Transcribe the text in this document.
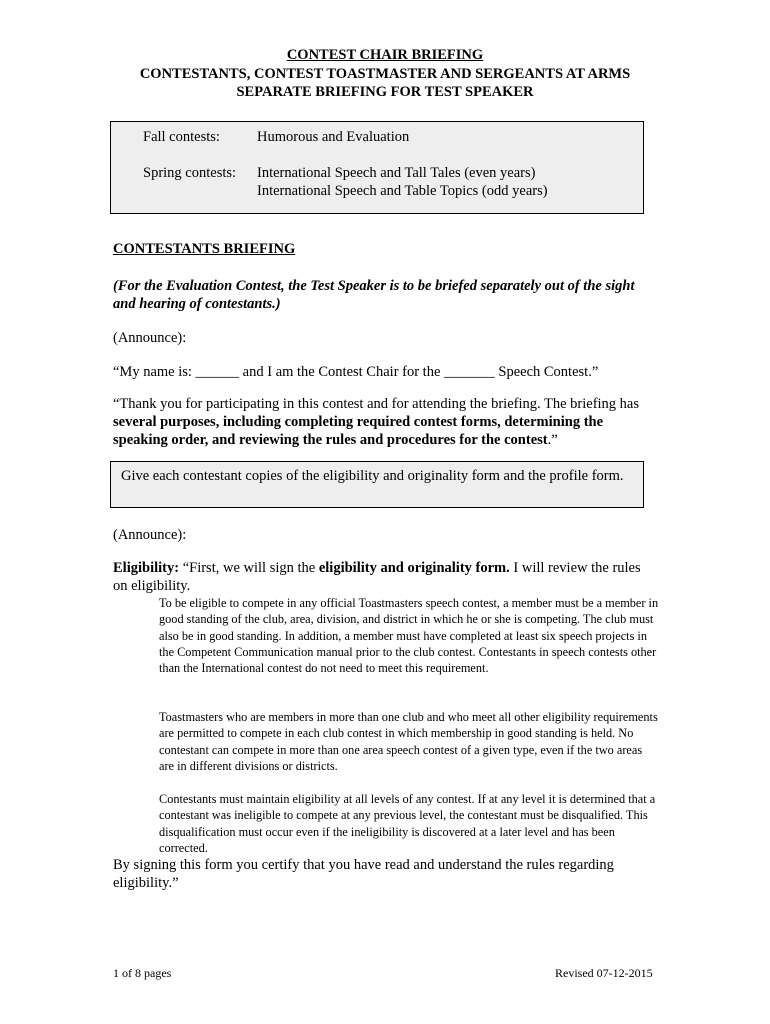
CONTEST CHAIR BRIEFING
CONTESTANTS, CONTEST TOASTMASTER AND SERGEANTS AT ARMS
SEPARATE BRIEFING FOR TEST SPEAKER
Fall contests:	Humorous and Evaluation
Spring contests: International Speech and Tall Tales (even years)
International Speech and Table Topics (odd years)
CONTESTANTS BRIEFING
(For the Evaluation Contest, the Test Speaker is to be briefed separately out of the sight and hearing of contestants.)
(Announce):
“My name is: ______ and I am the Contest Chair for the _______ Speech Contest.”
“Thank you for participating in this contest and for attending the briefing. The briefing has several purposes, including completing required contest forms, determining the speaking order, and reviewing the rules and procedures for the contest.”
Give each contestant copies of the eligibility and originality form and the profile form.
(Announce):
Eligibility: “First, we will sign the eligibility and originality form. I will review the rules on eligibility.
To be eligible to compete in any official Toastmasters speech contest, a member must be a member in good standing of the club, area, division, and district in which he or she is competing. The club must also be in good standing. In addition, a member must have completed at least six speech projects in the Competent Communication manual prior to the club contest. Contestants in speech contests other than the International contest do not need to meet this requirement.
Toastmasters who are members in more than one club and who meet all other eligibility requirements are permitted to compete in each club contest in which membership in good standing is held. No contestant can compete in more than one area speech contest of a given type, even if the two areas are in different divisions or districts.
Contestants must maintain eligibility at all levels of any contest. If at any level it is determined that a contestant was ineligible to compete at any previous level, the contestant must be disqualified. This disqualification must occur even if the ineligibility is discovered at a later level and has been corrected.
By signing this form you certify that you have read and understand the rules regarding eligibility.”
1 of 8 pages	Revised 07-12-2015
